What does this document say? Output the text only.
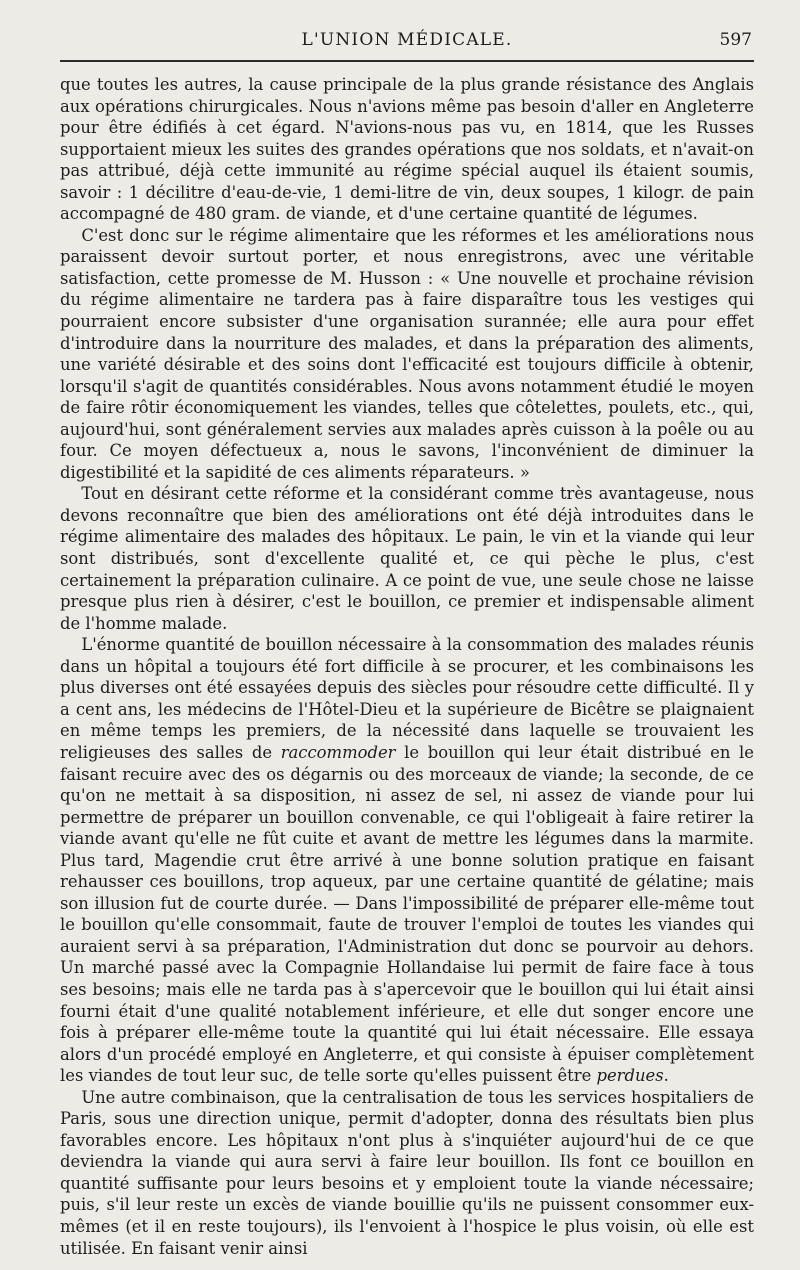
L'UNION MÉDICALE.	597

que toutes les autres, la cause principale de la plus grande résistance des Anglais aux opérations chirurgicales. Nous n'avions même pas besoin d'aller en Angleterre pour être édifiés à cet égard. N'avions-nous pas vu, en 1814, que les Russes supportaient mieux les suites des grandes opérations que nos soldats, et n'avait-on pas attribué, déjà cette immunité au régime spécial auquel ils étaient soumis, savoir : 1 décilitre d'eau-de-vie, 1 demi-litre de vin, deux soupes, 1 kilogr. de pain accompagné de 480 gram. de viande, et d'une certaine quantité de légumes.

C'est donc sur le régime alimentaire que les réformes et les améliorations nous paraissent devoir surtout porter, et nous enregistrons, avec une véritable satisfaction, cette promesse de M. Husson : « Une nouvelle et prochaine révision du régime alimentaire ne tardera pas à faire disparaître tous les vestiges qui pourraient encore subsister d'une organisation surannée; elle aura pour effet d'introduire dans la nourriture des malades, et dans la préparation des aliments, une variété désirable et des soins dont l'efficacité est toujours difficile à obtenir, lorsqu'il s'agit de quantités considérables. Nous avons notamment étudié le moyen de faire rôtir économiquement les viandes, telles que côtelettes, poulets, etc., qui, aujourd'hui, sont généralement servies aux malades après cuisson à la poêle ou au four. Ce moyen défectueux a, nous le savons, l'inconvénient de diminuer la digestibilité et la sapidité de ces aliments réparateurs. »

Tout en désirant cette réforme et la considérant comme très avantageuse, nous devons reconnaître que bien des améliorations ont été déjà introduites dans le régime alimentaire des malades des hôpitaux. Le pain, le vin et la viande qui leur sont distribués, sont d'excellente qualité et, ce qui pèche le plus, c'est certainement la préparation culinaire. A ce point de vue, une seule chose ne laisse presque plus rien à désirer, c'est le bouillon, ce premier et indispensable aliment de l'homme malade.

L'énorme quantité de bouillon nécessaire à la consommation des malades réunis dans un hôpital a toujours été fort difficile à se procurer, et les combinaisons les plus diverses ont été essayées depuis des siècles pour résoudre cette difficulté. Il y a cent ans, les médecins de l'Hôtel-Dieu et la supérieure de Bicêtre se plaignaient en même temps les premiers, de la nécessité dans laquelle se trouvaient les religieuses des salles de raccommoder le bouillon qui leur était distribué en le faisant recuire avec des os dégarnis ou des morceaux de viande; la seconde, de ce qu'on ne mettait à sa disposition, ni assez de sel, ni assez de viande pour lui permettre de préparer un bouillon convenable, ce qui l'obligeait à faire retirer la viande avant qu'elle ne fût cuite et avant de mettre les légumes dans la marmite. Plus tard, Magendie crut être arrivé à une bonne solution pratique en faisant rehausser ces bouillons, trop aqueux, par une certaine quantité de gélatine; mais son illusion fut de courte durée. — Dans l'impossibilité de préparer elle-même tout le bouillon qu'elle consommait, faute de trouver l'emploi de toutes les viandes qui auraient servi à sa préparation, l'Administration dut donc se pourvoir au dehors. Un marché passé avec la Compagnie Hollandaise lui permit de faire face à tous ses besoins; mais elle ne tarda pas à s'apercevoir que le bouillon qui lui était ainsi fourni était d'une qualité notablement inférieure, et elle dut songer encore une fois à préparer elle-même toute la quantité qui lui était nécessaire. Elle essaya alors d'un procédé employé en Angleterre, et qui consiste à épuiser complètement les viandes de tout leur suc, de telle sorte qu'elles puissent être perdues.

Une autre combinaison, que la centralisation de tous les services hospitaliers de Paris, sous une direction unique, permit d'adopter, donna des résultats bien plus favorables encore. Les hôpitaux n'ont plus à s'inquiéter aujourd'hui de ce que deviendra la viande qui aura servi à faire leur bouillon. Ils font ce bouillon en quantité suffisante pour leurs besoins et y emploient toute la viande nécessaire; puis, s'il leur reste un excès de viande bouillie qu'ils ne puissent consommer eux-mêmes (et il en reste toujours), ils l'envoient à l'hospice le plus voisin, où elle est utilisée. En faisant venir ainsi
